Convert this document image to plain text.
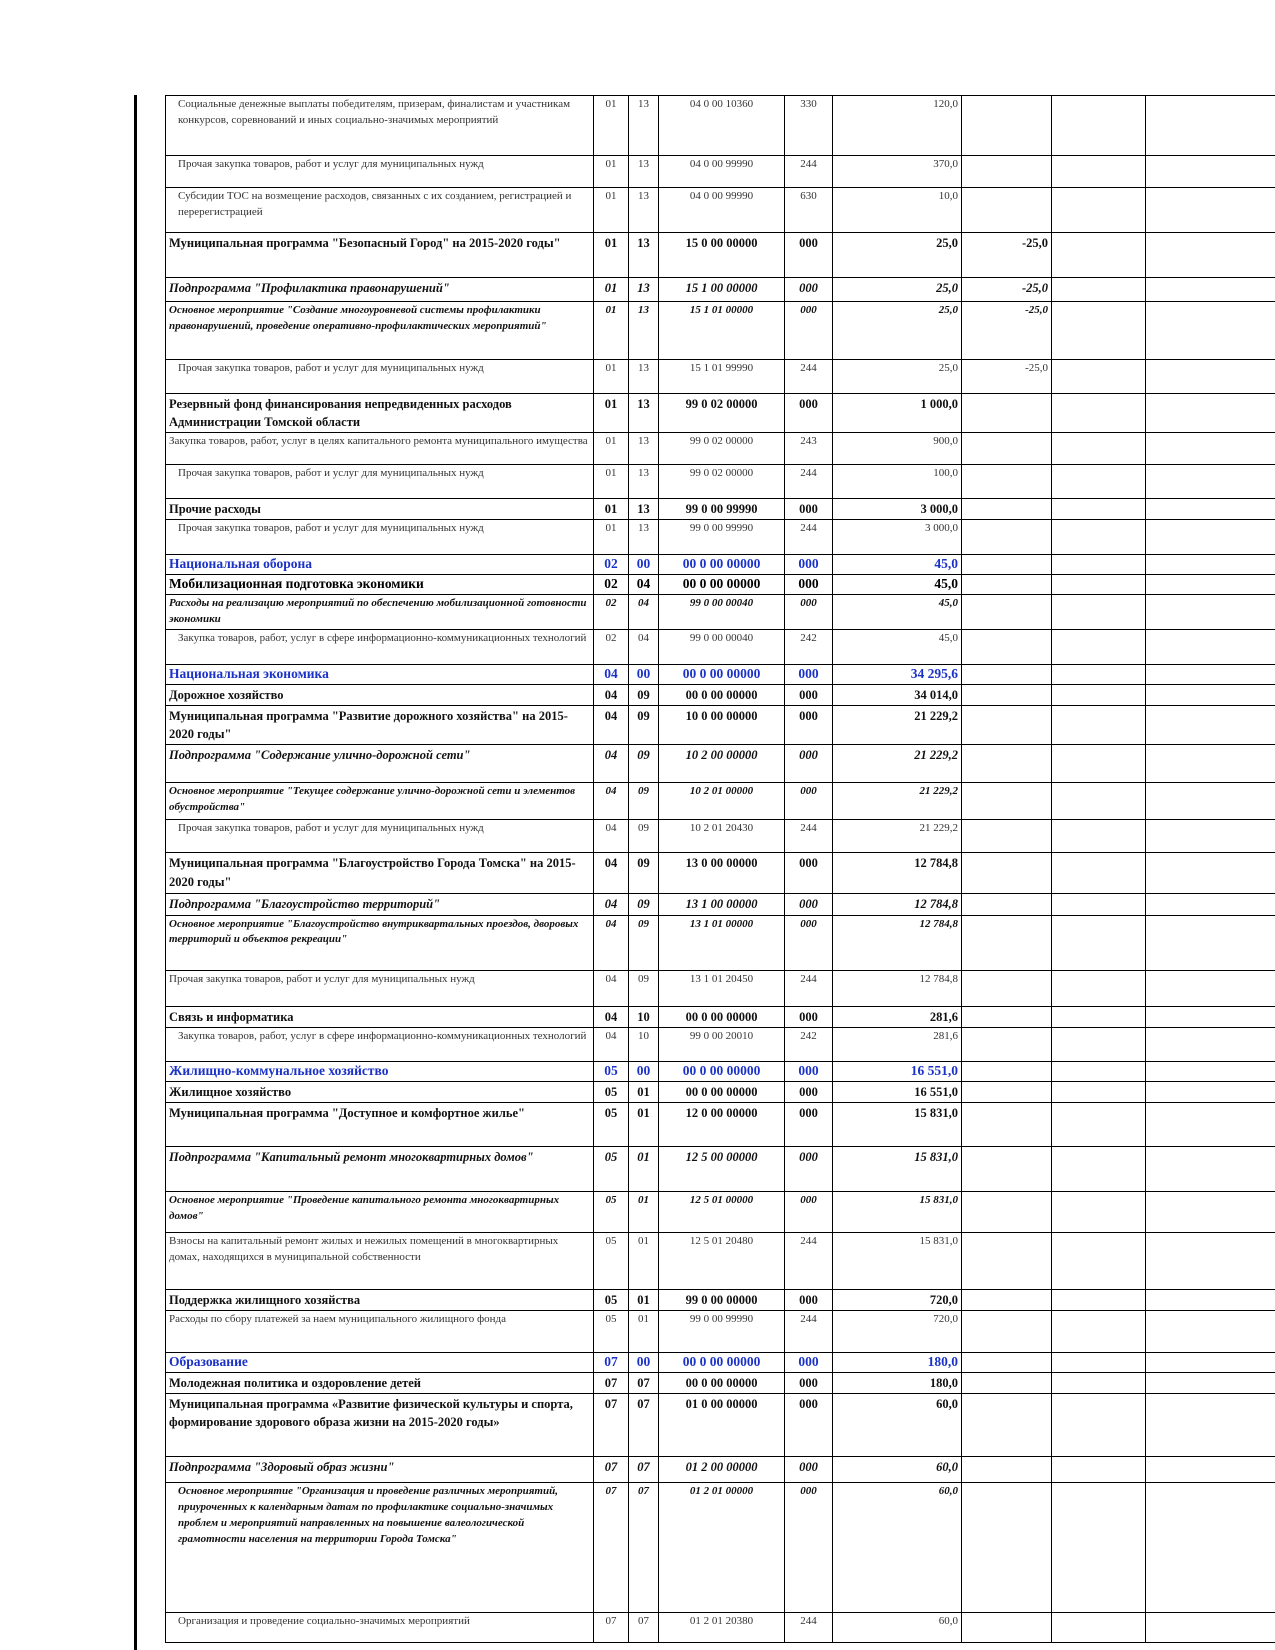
Социальные денежные выплаты победителям, призерам, финалистам и участникам конкурсов, соревнований и иных социально-значимых мероприятий	01	13	04 0 00 10360	330	120,0			
Прочая закупка товаров, работ и услуг для муниципальных нужд	01	13	04 0 00 99990	244	370,0			
Субсидии ТОС на возмещение расходов, связанных с их созданием, регистрацией и перерегистрацией	01	13	04 0 00 99990	630	10,0			
Муниципальная программа "Безопасный Город" на 2015-2020 годы"	01	13	15 0 00 00000	000	25,0	-25,0		
Подпрограмма "Профилактика правонарушений"	01	13	15 1 00 00000	000	25,0	-25,0		
Основное мероприятие "Создание многоуровневой системы профилактики правонарушений, проведение оперативно-профилактических мероприятий"	01	13	15 1 01 00000	000	25,0	-25,0		
Прочая закупка товаров, работ и услуг для муниципальных нужд	01	13	15 1 01 99990	244	25,0	-25,0		
Резервный фонд финансирования непредвиденных расходов Администрации Томской области	01	13	99 0 02 00000	000	1 000,0			
Закупка товаров, работ, услуг в целях капитального ремонта муниципального имущества	01	13	99 0 02 00000	243	900,0			
Прочая закупка товаров, работ и услуг для муниципальных нужд	01	13	99 0 02 00000	244	100,0			
Прочие расходы	01	13	99 0 00 99990	000	3 000,0			
Прочая закупка товаров, работ и услуг для муниципальных нужд	01	13	99 0 00 99990	244	3 000,0			
Национальная оборона	02	00	00 0 00 00000	000	45,0			
Мобилизационная подготовка экономики	02	04	00 0 00 00000	000	45,0			
Расходы на реализацию мероприятий по обеспечению мобилизационной готовности экономики	02	04	99 0 00 00040	000	45,0			
Закупка товаров, работ, услуг в сфере информационно-коммуникационных технологий	02	04	99 0 00 00040	242	45,0			
Национальная экономика	04	00	00 0 00 00000	000	34 295,6			
Дорожное хозяйство	04	09	00 0 00 00000	000	34 014,0			
Муниципальная программа "Развитие дорожного хозяйства" на 2015-2020 годы"	04	09	10 0 00 00000	000	21 229,2			
Подпрограмма "Содержание улично-дорожной сети"	04	09	10 2 00 00000	000	21 229,2			
Основное мероприятие "Текущее содержание улично-дорожной сети и элементов обустройства"	04	09	10 2 01 00000	000	21 229,2			
Прочая закупка товаров, работ и услуг для муниципальных нужд	04	09	10 2 01 20430	244	21 229,2			
Муниципальная программа "Благоустройство Города Томска" на 2015-2020 годы"	04	09	13 0 00 00000	000	12 784,8			
Подпрограмма "Благоустройство территорий"	04	09	13 1 00 00000	000	12 784,8			
Основное мероприятие "Благоустройство внутриквартальных проездов, дворовых территорий и объектов рекреации"	04	09	13 1 01 00000	000	12 784,8			
Прочая закупка товаров, работ и услуг для муниципальных нужд	04	09	13 1 01 20450	244	12 784,8			
Связь и информатика	04	10	00 0 00 00000	000	281,6			
Закупка товаров, работ, услуг в сфере информационно-коммуникационных технологий	04	10	99 0 00 20010	242	281,6			
Жилищно-коммунальное хозяйство	05	00	00 0 00 00000	000	16 551,0			
Жилищное хозяйство	05	01	00 0 00 00000	000	16 551,0			
Муниципальная программа "Доступное и комфортное жилье"	05	01	12 0 00 00000	000	15 831,0			
Подпрограмма "Капитальный ремонт многоквартирных домов"	05	01	12 5 00 00000	000	15 831,0			
Основное мероприятие "Проведение капитального ремонта многоквартирных домов"	05	01	12 5 01 00000	000	15 831,0			
Взносы на капитальный ремонт жилых и нежилых помещений в многоквартирных домах, находящихся в муниципальной собственности	05	01	12 5 01 20480	244	15 831,0			
Поддержка жилищного хозяйства	05	01	99 0 00 00000	000	720,0			
Расходы по сбору платежей за наем муниципального жилищного фонда	05	01	99 0 00 99990	244	720,0			
Образование	07	00	00 0 00 00000	000	180,0			
Молодежная политика и оздоровление детей	07	07	00 0 00 00000	000	180,0			
Муниципальная программа «Развитие физической культуры и спорта, формирование здорового образа жизни на 2015-2020 годы»	07	07	01 0 00 00000	000	60,0			
Подпрограмма "Здоровый образ жизни"	07	07	01 2 00 00000	000	60,0			
Основное мероприятие "Организация и проведение различных мероприятий, приуроченных к календарным датам по профилактике социально-значимых проблем и мероприятий направленных на повышение валеологической грамотности населения на территории Города Томска"	07	07	01 2 01 00000	000	60,0			
Организация и проведение социально-значимых мероприятий	07	07	01 2 01 20380	244	60,0			
